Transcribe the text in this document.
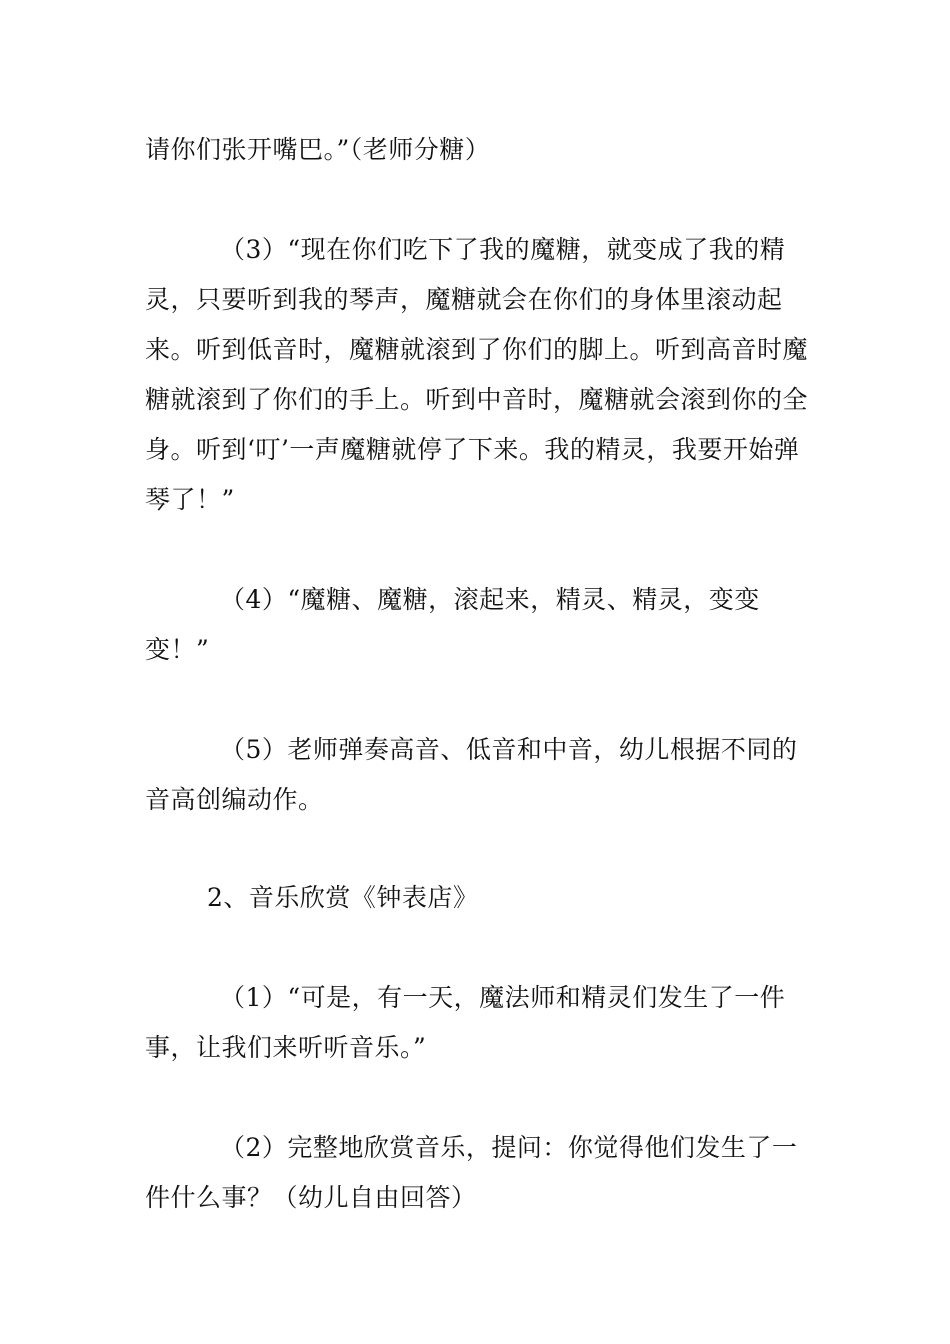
请你们张开嘴巴。”（老师分糖）

（3）“现在你们吃下了我的魔糖，就变成了我的精灵，只要听到我的琴声，魔糖就会在你们的身体里滚动起来。听到低音时，魔糖就滚到了你们的脚上。听到高音时魔糖就滚到了你们的手上。听到中音时，魔糖就会滚到你的全身。听到‘叮’一声魔糖就停了下来。我的精灵，我要开始弹琴了！”

（4）“魔糖、魔糖，滚起来，精灵、精灵，变变变！”

（5）老师弹奏高音、低音和中音，幼儿根据不同的音高创编动作。

2、音乐欣赏《钟表店》

（1）“可是，有一天，魔法师和精灵们发生了一件事，让我们来听听音乐。”

（2）完整地欣赏音乐，提问：你觉得他们发生了一件什么事？（幼儿自由回答）
